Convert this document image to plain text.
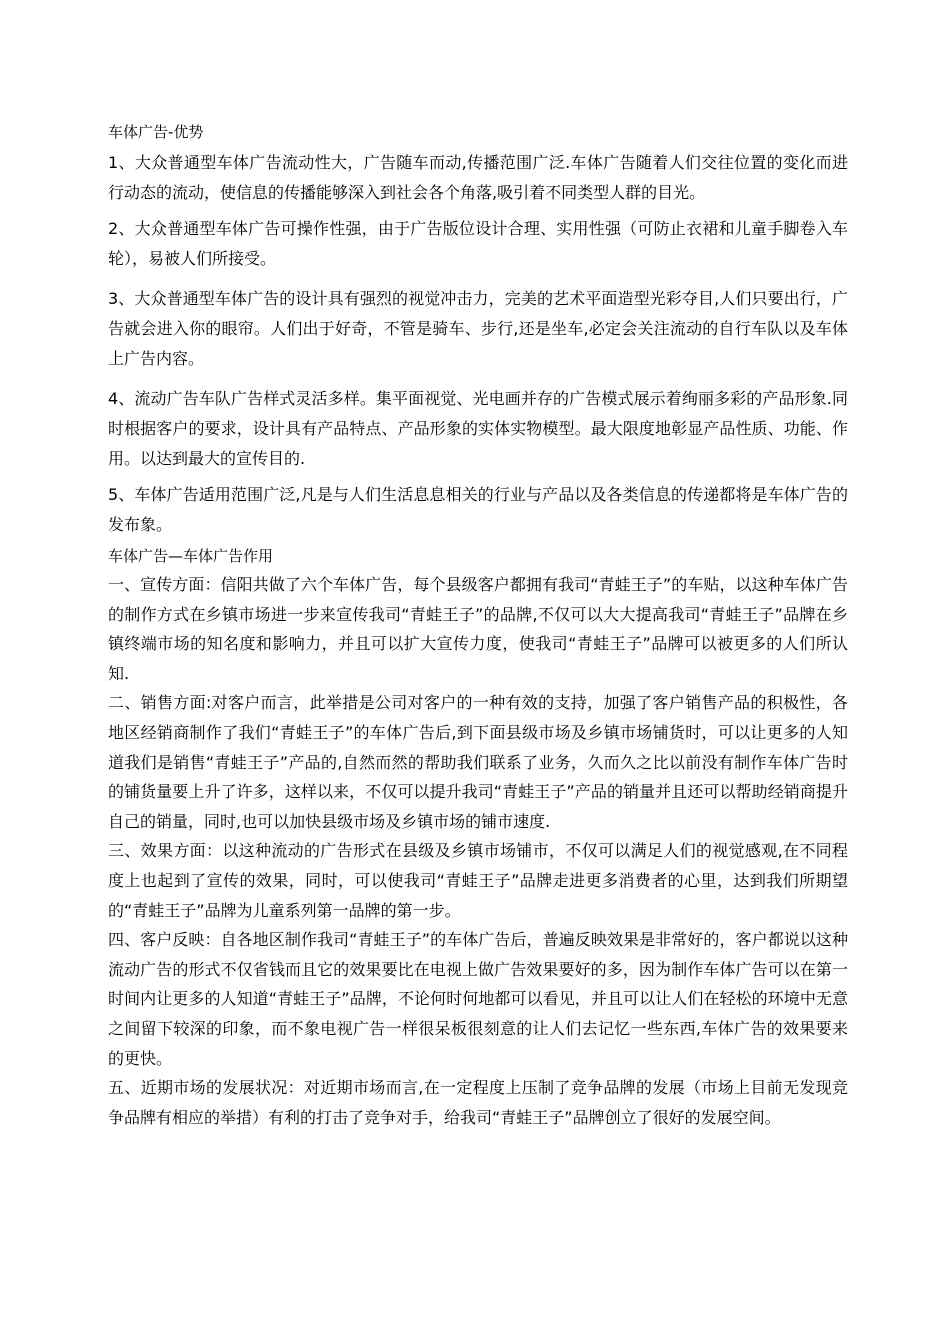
车体广告-优势

1、大众普通型车体广告流动性大，广告随车而动,传播范围广泛.车体广告随着人们交往位置的变化而进行动态的流动，使信息的传播能够深入到社会各个角落,吸引着不同类型人群的目光。

2、大众普通型车体广告可操作性强，由于广告版位设计合理、实用性强（可防止衣裙和儿童手脚卷入车轮），易被人们所接受。

3、大众普通型车体广告的设计具有强烈的视觉冲击力，完美的艺术平面造型光彩夺目,人们只要出行，广告就会进入你的眼帘。人们出于好奇，不管是骑车、步行,还是坐车,必定会关注流动的自行车队以及车体上广告内容。

4、流动广告车队广告样式灵活多样。集平面视觉、光电画并存的广告模式展示着绚丽多彩的产品形象.同时根据客户的要求，设计具有产品特点、产品形象的实体实物模型。最大限度地彰显产品性质、功能、作用。以达到最大的宣传目的.

5、车体广告适用范围广泛,凡是与人们生活息息相关的行业与产品以及各类信息的传递都将是车体广告的发布象。

车体广告—车体广告作用

一、宣传方面：信阳共做了六个车体广告，每个县级客户都拥有我司“青蛙王子”的车贴，以这种车体广告的制作方式在乡镇市场进一步来宣传我司“青蛙王子”的品牌,不仅可以大大提高我司“青蛙王子”品牌在乡镇终端市场的知名度和影响力，并且可以扩大宣传力度，使我司“青蛙王子”品牌可以被更多的人们所认知.

二、销售方面:对客户而言，此举措是公司对客户的一种有效的支持，加强了客户销售产品的积极性，各地区经销商制作了我们“青蛙王子”的车体广告后,到下面县级市场及乡镇市场铺货时，可以让更多的人知道我们是销售“青蛙王子”产品的,自然而然的帮助我们联系了业务，久而久之比以前没有制作车体广告时的铺货量要上升了许多，这样以来，不仅可以提升我司“青蛙王子”产品的销量并且还可以帮助经销商提升自己的销量，同时,也可以加快县级市场及乡镇市场的铺市速度.

三、效果方面：以这种流动的广告形式在县级及乡镇市场铺市，不仅可以满足人们的视觉感观,在不同程度上也起到了宣传的效果，同时，可以使我司“青蛙王子”品牌走进更多消费者的心里，达到我们所期望的“青蛙王子”品牌为儿童系列第一品牌的第一步。

四、客户反映：自各地区制作我司“青蛙王子”的车体广告后，普遍反映效果是非常好的，客户都说以这种流动广告的形式不仅省钱而且它的效果要比在电视上做广告效果要好的多，因为制作车体广告可以在第一时间内让更多的人知道“青蛙王子”品牌，不论何时何地都可以看见，并且可以让人们在轻松的环境中无意之间留下较深的印象，而不象电视广告一样很呆板很刻意的让人们去记忆一些东西,车体广告的效果要来的更快。

五、近期市场的发展状况：对近期市场而言,在一定程度上压制了竞争品牌的发展（市场上目前无发现竞争品牌有相应的举措）有利的打击了竞争对手，给我司“青蛙王子”品牌创立了很好的发展空间。
